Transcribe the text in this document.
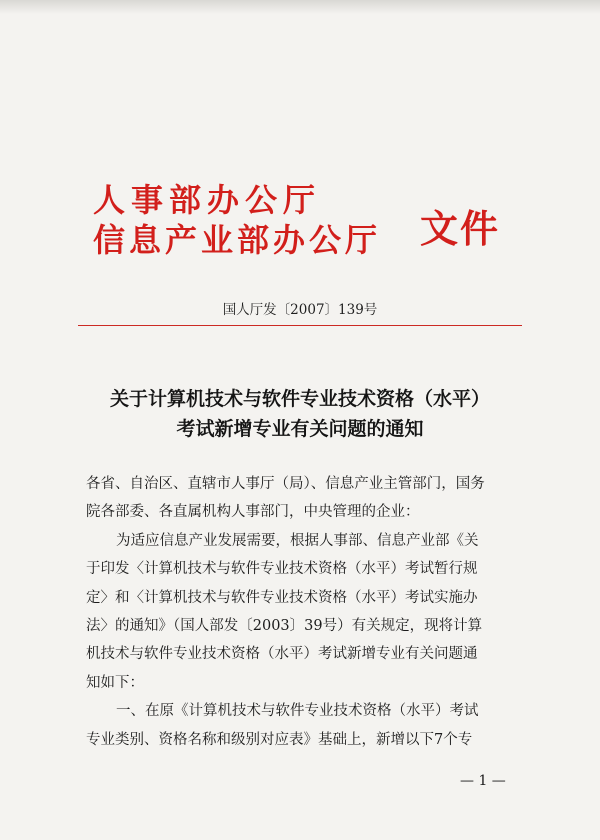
人事部办公厅
信息产业部办公厅 文件
国人厅发〔2007〕139号
关于计算机技术与软件专业技术资格（水平）
考试新增专业有关问题的通知

各省、自治区、直辖市人事厅（局）、信息产业主管部门，国务

院各部委、各直属机构人事部门，中央管理的企业：

为适应信息产业发展需要，根据人事部、信息产业部《关

于印发〈计算机技术与软件专业技术资格（水平）考试暂行规

定〉和〈计算机技术与软件专业技术资格（水平）考试实施办

法〉的通知》（国人部发〔2003〕39号）有关规定，现将计算

机技术与软件专业技术资格（水平）考试新增专业有关问题通

知如下：

一、在原《计算机技术与软件专业技术资格（水平）考试

专业类别、资格名称和级别对应表》基础上，新增以下7个专

— 1 —
